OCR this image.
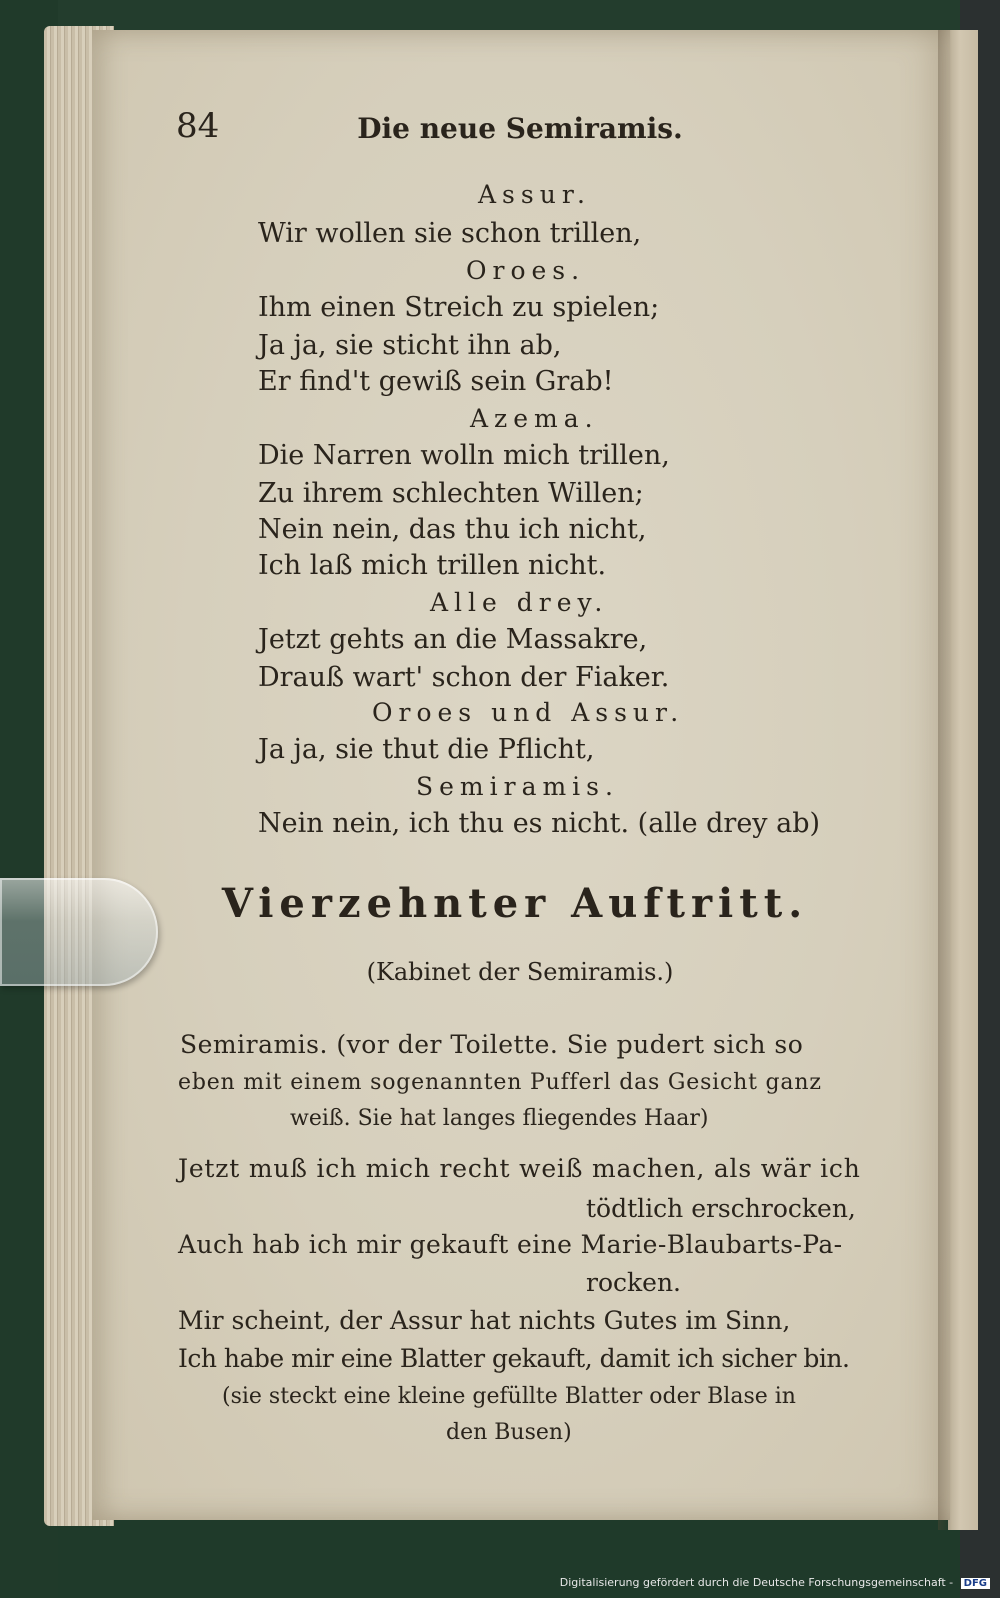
84	Die neue Semiramis.
Assur.
Wir wollen sie schon trillen,
Oroes.
Ihm einen Streich zu spielen;
Ja ja, sie sticht ihn ab,
Er find't gewiß sein Grab!
Azema.
Die Narren wolln mich trillen,
Zu ihrem schlechten Willen;
Nein nein, das thu ich nicht,
Ich laß mich trillen nicht.
Alle drey.
Jetzt gehts an die Massakre,
Drauß wart' schon der Fiaker.
Oroes und Assur.
Ja ja, sie thut die Pflicht,
Semiramis.
Nein nein, ich thu es nicht. (alle drey ab)
Vierzehnter Auftritt.
(Kabinet der Semiramis.)
Semiramis. (vor der Toilette. Sie pudert sich so
eben mit einem sogenannten Pufferl das Gesicht ganz
weiß. Sie hat langes fliegendes Haar)
Jetzt muß ich mich recht weiß machen, als wär ich
tödtlich erschrocken,
Auch hab ich mir gekauft eine Marie-Blaubarts-Pa-
rocken.
Mir scheint, der Assur hat nichts Gutes im Sinn,
Ich habe mir eine Blatter gekauft, damit ich sicher bin.
(sie steckt eine kleine gefüllte Blatter oder Blase in
den Busen)
Digitalisierung gefördert durch die Deutsche Forschungsgemeinschaft - DFG
